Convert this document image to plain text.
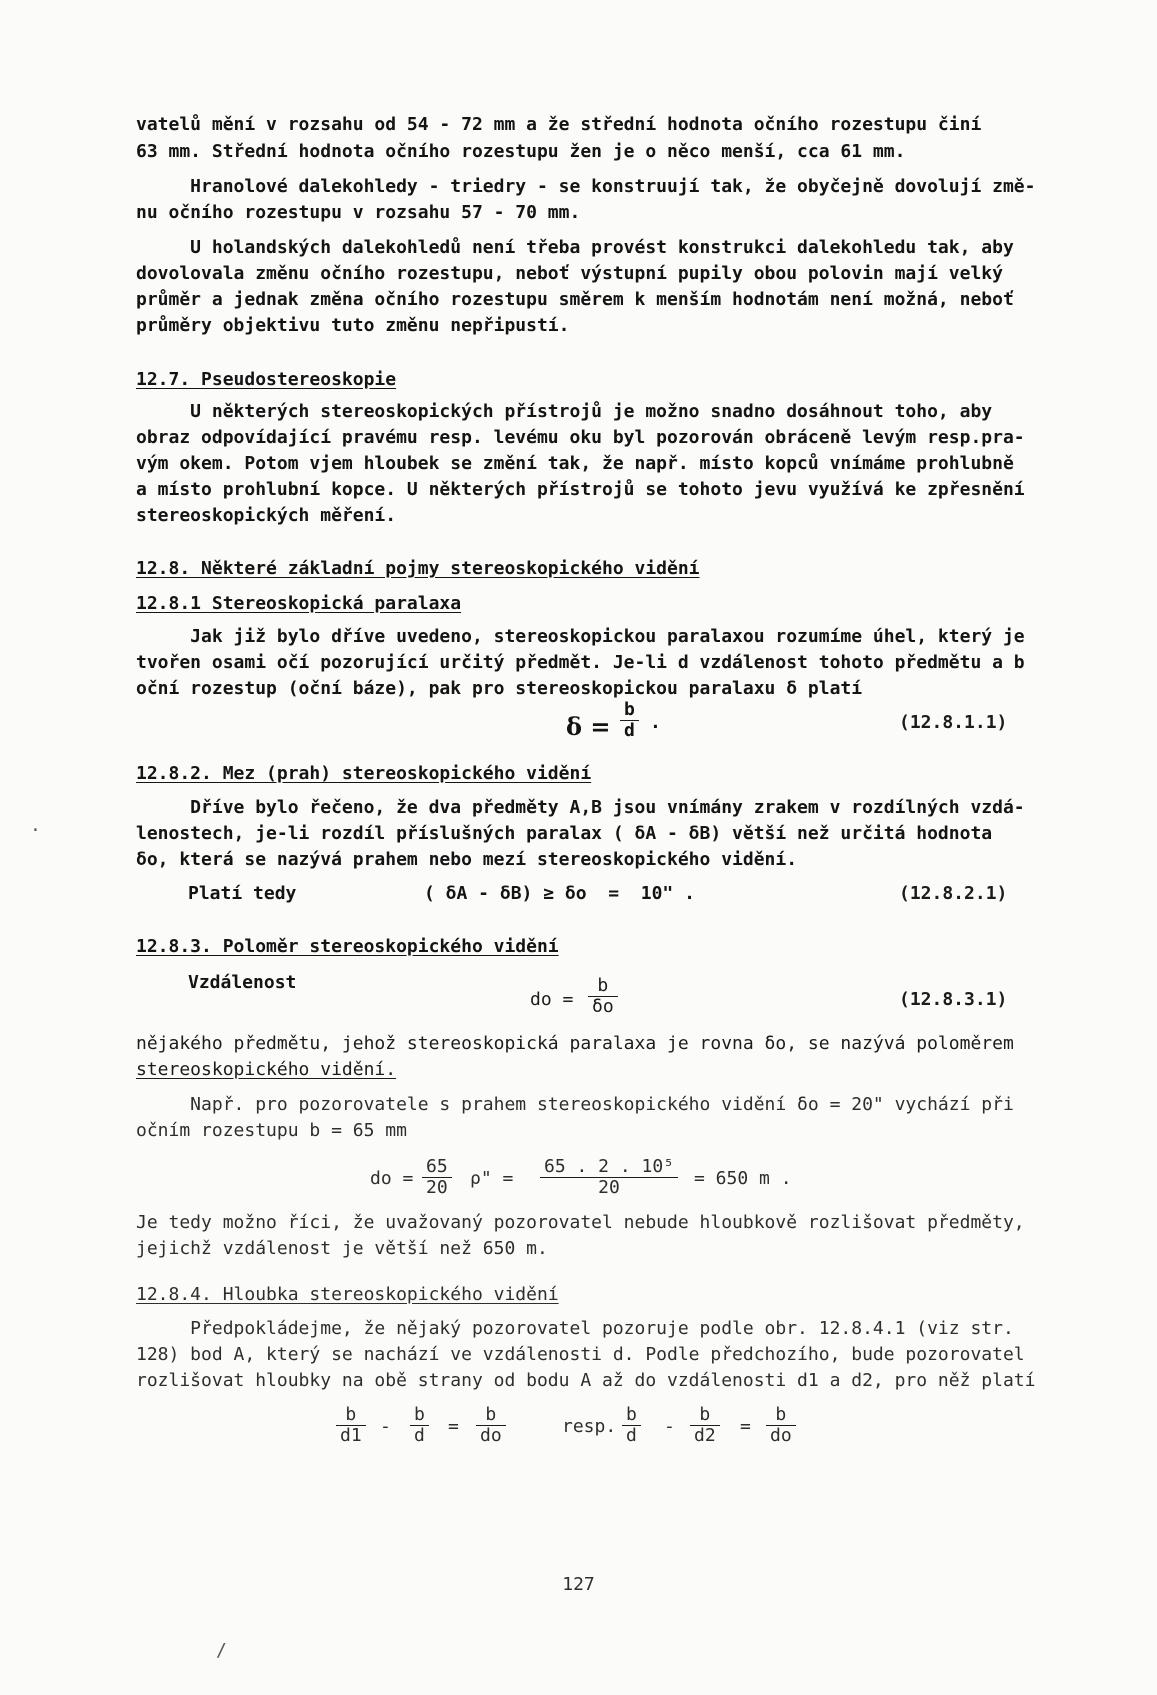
vatelů mění v rozsahu od 54 - 72 mm a že střední hodnota očního rozestupu činí
63 mm. Střední hodnota očního rozestupu žen je o něco menší, cca 61 mm.
Hranolové dalekohledy - triedry - se konstruují tak, že obyčejně dovolují změ-
nu očního rozestupu v rozsahu 57 - 70 mm.
U holandských dalekohledů není třeba provést konstrukci dalekohledu tak, aby
dovolovala změnu očního rozestupu, neboť výstupní pupily obou polovin mají velký
průměr a jednak změna očního rozestupu směrem k menším hodnotám není možná, neboť
průměry objektivu tuto změnu nepřipustí.
12.7. Pseudostereoskopie
U některých stereoskopických přístrojů je možno snadno dosáhnout toho, aby
obraz odpovídající pravému resp. levému oku byl pozorován obráceně levým resp.pra-
vým okem. Potom vjem hloubek se změní tak, že např. místo kopců vnímáme prohlubně
a místo prohlubní kopce. U některých přístrojů se tohoto jevu využívá ke zpřesnění
stereoskopických měření.
12.8. Některé základní pojmy stereoskopického vidění
12.8.1 Stereoskopická paralaxa
Jak již bylo dříve uvedeno, stereoskopickou paralaxou rozumíme úhel, který je
tvořen osami očí pozorující určitý předmět. Je-li d vzdálenost tohoto předmětu a b
oční rozestup (oční báze), pak pro stereoskopickou paralaxu δ platí
$\delta = \frac{b}{d}$ .	(12.8.1.1)
12.8.2. Mez (prah) stereoskopického vidění
Dříve bylo řečeno, že dva předměty A,B jsou vnímány zrakem v rozdílných vzdá-
lenostech, je-li rozdíl příslušných paralax ( δA - δB) větší než určitá hodnota
δo, která se nazývá prahem nebo mezí stereoskopického vidění.
Platí tedy	( δA - δB) ≥ δo  =  10" .	(12.8.2.1)
12.8.3. Poloměr stereoskopického vidění
Vzdálenost
do = $\frac{b}{\delta o}$	(12.8.3.1)
nějakého předmětu, jehož stereoskopická paralaxa je rovna δo, se nazývá poloměrem
stereoskopického vidění.
Např. pro pozorovatele s prahem stereoskopického vidění δo = 20" vychází při
očním rozestupu b = 65 mm
do = $\frac{65}{20} \rho$" = $\frac{\text{65 . 2 . 10⁵}}{20} = 650$ m .
Je tedy možno říci, že uvažovaný pozorovatel nebude hloubkově rozlišovat předměty,
jejichž vzdálenost je větší než 650 m.
12.8.4. Hloubka stereoskopického vidění
Předpokládejme, že nějaký pozorovatel pozoruje podle obr. 12.8.4.1 (viz str.
128) bod A, který se nachází ve vzdálenosti d. Podle předchozího, bude pozorovatel
rozlišovat hloubky na obě strany od bodu A až do vzdálenosti d1 a d2, pro něž platí
$\frac{b}{d1} - \frac{b}{d} = \frac{b}{do}$	resp. $\frac{b}{d} - \frac{b}{d2} = \frac{b}{do}$
127
/
·
